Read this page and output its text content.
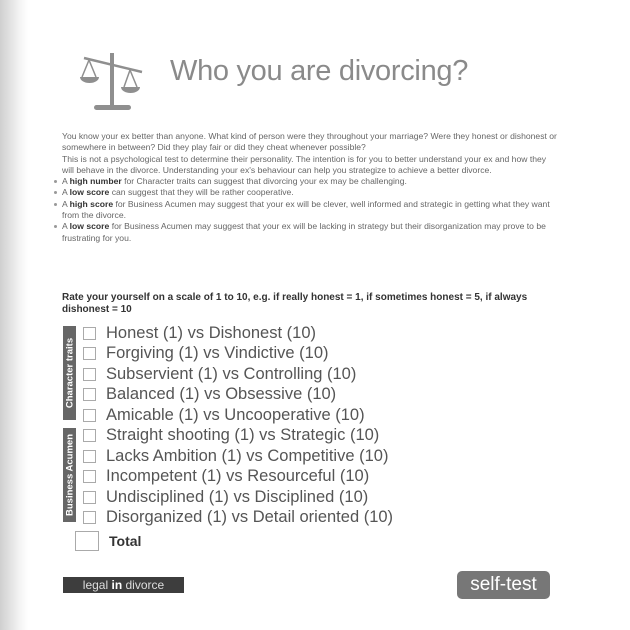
Who you are divorcing?

You know your ex better than anyone. What kind of person were they throughout your marriage? Were they honest or dishonest or somewhere in between? Did they play fair or did they cheat whenever possible?

This is not a psychological test to determine their personality. The intention is for you to better understand your ex and how they will behave in the divorce. Understanding your ex's behaviour can help you strategize to achieve a better divorce.

A high number for Character traits can suggest that divorcing your ex may be challenging.
A low score can suggest that they will be rather cooperative.
A high score for Business Acumen may suggest that your ex will be clever, well informed and strategic in getting what they want from the divorce.
A low score for Business Acumen may suggest that your ex will be lacking in strategy but their disorganization may prove to be frustrating for you.
Rate your yourself on a scale of 1 to 10, e.g. if really honest = 1, if sometimes honest = 5, if always dishonest = 10
Character traits
Business Acumen
Honest (1) vs Dishonest (10)
Forgiving (1) vs Vindictive (10)
Subservient (1) vs Controlling (10)
Balanced (1) vs Obsessive (10)
Amicable (1) vs Uncooperative (10)
Straight shooting (1) vs Strategic (10)
Lacks Ambition (1) vs Competitive (10)
Incompetent (1) vs Resourceful (10)
Undisciplined (1) vs Disciplined (10)
Disorganized (1) vs Detail oriented (10)
Total
legal in divorce	self-test
